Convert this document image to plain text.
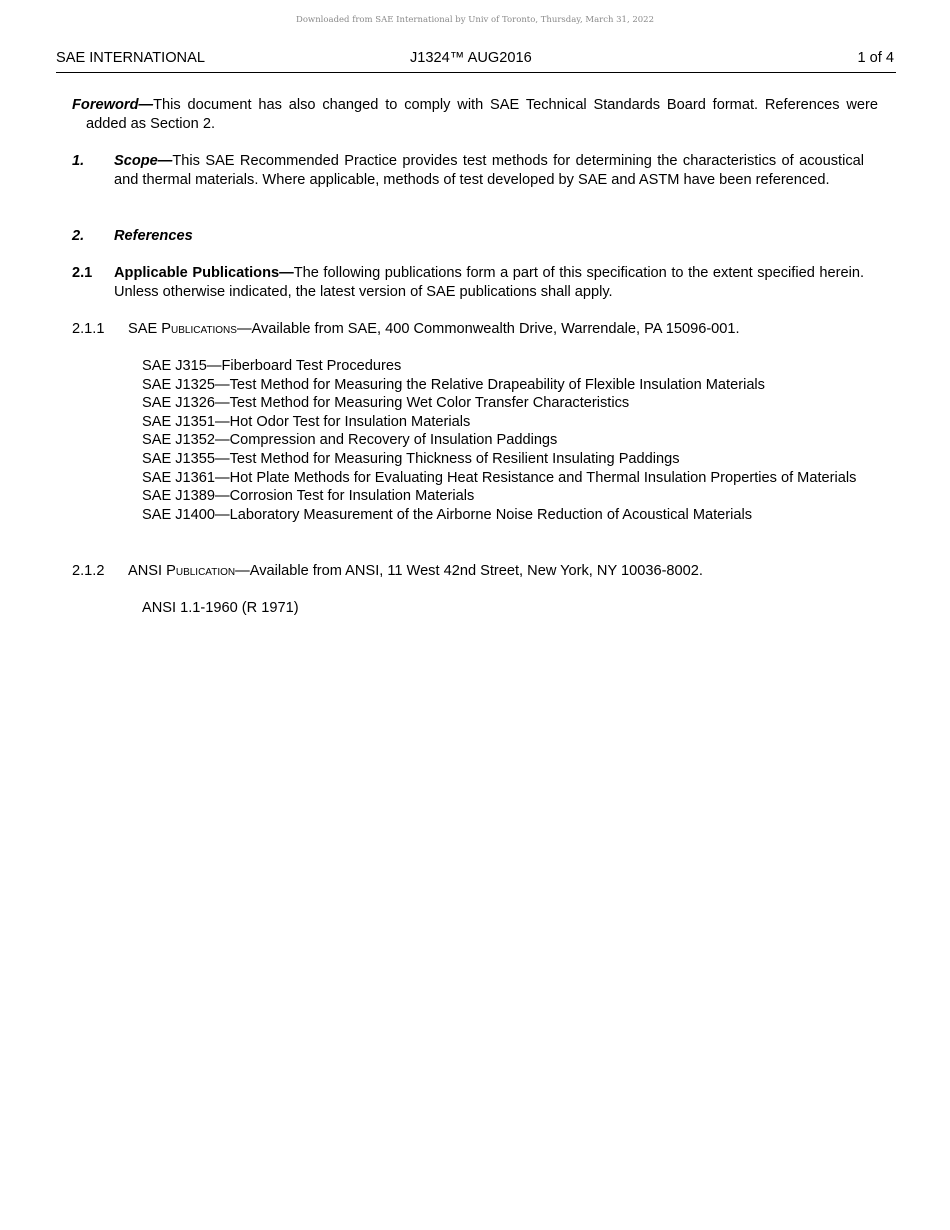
Downloaded from SAE International by Univ of Toronto, Thursday, March 31, 2022
SAE INTERNATIONAL	J1324™ AUG2016	1 of 4
Foreword—This document has also changed to comply with SAE Technical Standards Board format. References were added as Section 2.
1.	Scope—This SAE Recommended Practice provides test methods for determining the characteristics of acoustical and thermal materials. Where applicable, methods of test developed by SAE and ASTM have been referenced.
2.	References
2.1	Applicable Publications—The following publications form a part of this specification to the extent specified herein. Unless otherwise indicated, the latest version of SAE publications shall apply.
2.1.1	SAE Publications—Available from SAE, 400 Commonwealth Drive, Warrendale, PA 15096-001.
SAE J315—Fiberboard Test Procedures
SAE J1325—Test Method for Measuring the Relative Drapeability of Flexible Insulation Materials
SAE J1326—Test Method for Measuring Wet Color Transfer Characteristics
SAE J1351—Hot Odor Test for Insulation Materials
SAE J1352—Compression and Recovery of Insulation Paddings
SAE J1355—Test Method for Measuring Thickness of Resilient Insulating Paddings
SAE J1361—Hot Plate Methods for Evaluating Heat Resistance and Thermal Insulation Properties of Materials
SAE J1389—Corrosion Test for Insulation Materials
SAE J1400—Laboratory Measurement of the Airborne Noise Reduction of Acoustical Materials
2.1.2	ANSI Publication—Available from ANSI, 11 West 42nd Street, New York, NY 10036-8002.
ANSI 1.1-1960 (R 1971)
